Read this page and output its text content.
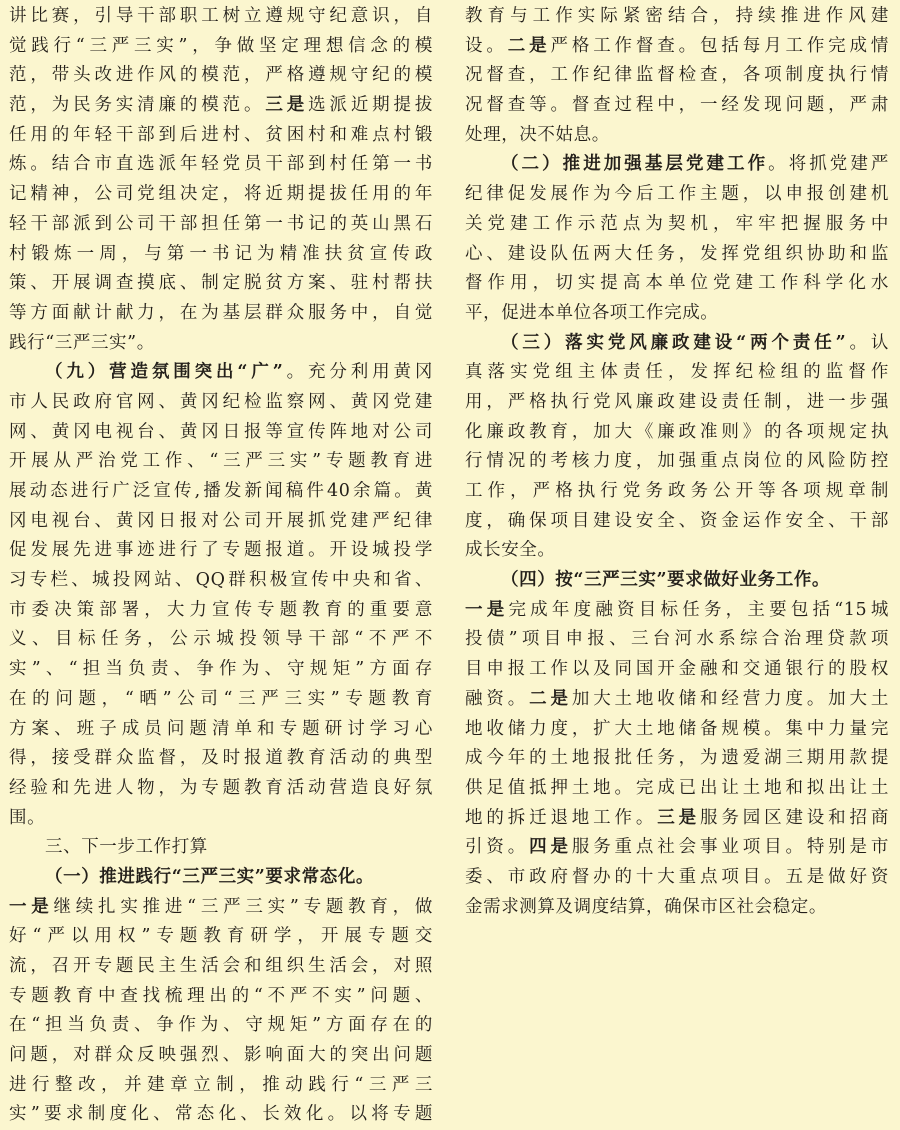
讲比赛，引导干部职工树立遵规守纪意识，自
觉践行“三严三实”，争做坚定理想信念的模
范，带头改进作风的模范，严格遵规守纪的模
范，为民务实清廉的模范。三是选派近期提拔
任用的年轻干部到后进村、贫困村和难点村锻
炼。结合市直选派年轻党员干部到村任第一书
记精神，公司党组决定，将近期提拔任用的年
轻干部派到公司干部担任第一书记的英山黑石
村锻炼一周，与第一书记为精准扶贫宣传政
策、开展调查摸底、制定脱贫方案、驻村帮扶
等方面献计献力，在为基层群众服务中，自觉
践行“三严三实”。
（九）营造氛围突出“广”。充分利用黄冈
市人民政府官网、黄冈纪检监察网、黄冈党建
网、黄冈电视台、黄冈日报等宣传阵地对公司
开展从严治党工作、“三严三实”专题教育进
展动态进行广泛宣传,播发新闻稿件40余篇。黄
冈电视台、黄冈日报对公司开展抓党建严纪律
促发展先进事迹进行了专题报道。开设城投学
习专栏、城投网站、QQ群积极宣传中央和省、
市委决策部署，大力宣传专题教育的重要意
义、目标任务，公示城投领导干部“不严不
实”、“担当负责、争作为、守规矩”方面存
在的问题，“晒”公司“三严三实”专题教育
方案、班子成员问题清单和专题研讨学习心
得，接受群众监督，及时报道教育活动的典型
经验和先进人物，为专题教育活动营造良好氛
围。
三、下一步工作打算
（一）推进践行“三严三实”要求常态化。
一是继续扎实推进“三严三实”专题教育，做
好“严以用权”专题教育研学，开展专题交
流，召开专题民主生活会和组织生活会，对照
专题教育中查找梳理出的“不严不实”问题、
在“担当负责、争作为、守规矩”方面存在的
问题，对群众反映强烈、影响面大的突出问题
进行整改，并建章立制，推动践行“三严三
实”要求制度化、常态化、长效化。以将专题
教育与工作实际紧密结合，持续推进作风建
设。二是严格工作督查。包括每月工作完成情
况督查，工作纪律监督检查，各项制度执行情
况督查等。督查过程中，一经发现问题，严肃
处理，决不姑息。
（二）推进加强基层党建工作。将抓党建严
纪律促发展作为今后工作主题，以申报创建机
关党建工作示范点为契机，牢牢把握服务中
心、建设队伍两大任务，发挥党组织协助和监
督作用，切实提高本单位党建工作科学化水
平，促进本单位各项工作完成。
（三）落实党风廉政建设“两个责任”。认
真落实党组主体责任，发挥纪检组的监督作
用，严格执行党风廉政建设责任制，进一步强
化廉政教育，加大《廉政准则》的各项规定执
行情况的考核力度，加强重点岗位的风险防控
工作，严格执行党务政务公开等各项规章制
度，确保项目建设安全、资金运作安全、干部
成长安全。
（四）按“三严三实”要求做好业务工作。
一是完成年度融资目标任务，主要包括“15城
投债”项目申报、三台河水系综合治理贷款项
目申报工作以及同国开金融和交通银行的股权
融资。二是加大土地收储和经营力度。加大土
地收储力度，扩大土地储备规模。集中力量完
成今年的土地报批任务，为遗爱湖三期用款提
供足值抵押土地。完成已出让土地和拟出让土
地的拆迁退地工作。三是服务园区建设和招商
引资。四是服务重点社会事业项目。特别是市
委、市政府督办的十大重点项目。五是做好资
金需求测算及调度结算，确保市区社会稳定。
